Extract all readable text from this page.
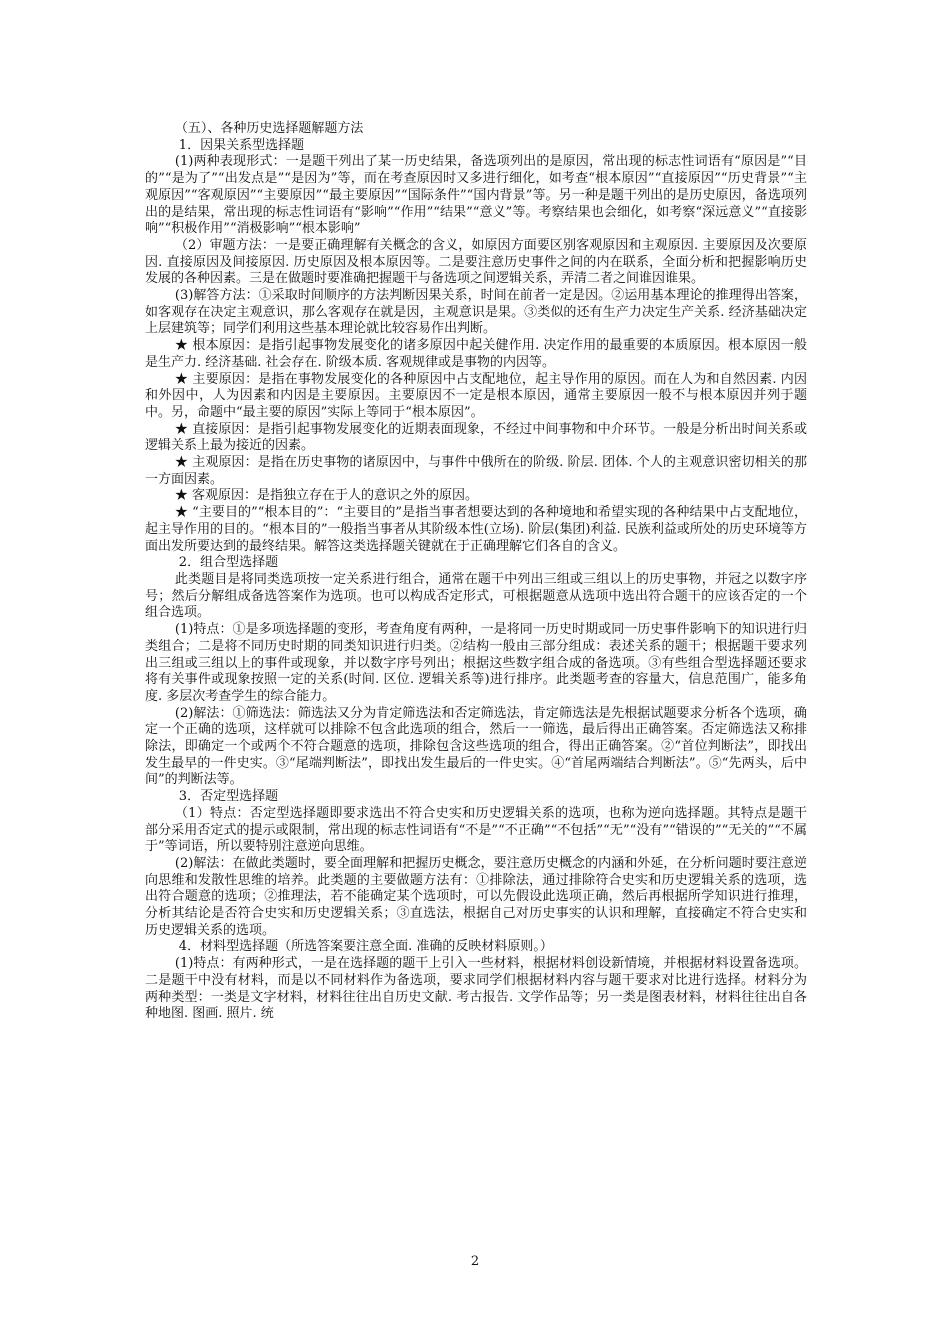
（五）、各种历史选择题解题方法

1．因果关系型选择题

(1)两种表现形式：一是题干列出了某一历史结果，备选项列出的是原因，常出现的标志性词语有“原因是”“目的”“是为了”“出发点是”“是因为”等，而在考查原因时又多进行细化，如考查“根本原因”“直接原因”“历史背景”“主观原因”“客观原因”“主要原因”“最主要原因”“国际条件”“国内背景”等。另一种是题干列出的是历史原因，备选项列出的是结果，常出现的标志性词语有“影响”“作用”“结果”“意义”等。考察结果也会细化，如考察“深远意义”“直接影响”“积极作用”“消极影响”“根本影响”

（2）审题方法：一是要正确理解有关概念的含义，如原因方面要区别客观原因和主观原因. 主要原因及次要原因. 直接原因及间接原因. 历史原因及根本原因等。二是要注意历史事件之间的内在联系，全面分析和把握影响历史发展的各种因素。三是在做题时要准确把握题干与备选项之间逻辑关系，弄清二者之间谁因谁果。

(3)解答方法：①采取时间顺序的方法判断因果关系，时间在前者一定是因。②运用基本理论的推理得出答案，如客观存在决定主观意识，那么客观存在就是因，主观意识是果。③类似的还有生产力决定生产关系. 经济基础决定上层建筑等；同学们利用这些基本理论就比较容易作出判断。

★ 根本原因：是指引起事物发展变化的诸多原因中起关健作用. 决定作用的最重要的本质原因。根本原因一般是生产力. 经济基础. 社会存在. 阶级本质. 客观规律或是事物的内因等。

★ 主要原因：是指在事物发展变化的各种原因中占支配地位，起主导作用的原因。而在人为和自然因素. 内因和外因中，人为因素和内因是主要原因。主要原因不一定是根本原因，通常主要原因一般不与根本原因并列于题中。另，命题中“最主要的原因”实际上等同于“根本原因”。

★ 直接原因：是指引起事物发展变化的近期表面现象，不经过中间事物和中介环节。一般是分析出时间关系或逻辑关系上最为接近的因素。

★ 主观原因：是指在历史事物的诸原因中，与事件中俄所在的阶级. 阶层. 团体. 个人的主观意识密切相关的那一方面因素。

★ 客观原因：是指独立存在于人的意识之外的原因。

★ “主要目的”“根本目的”：“主要目的”是指当事者想要达到的各种境地和希望实现的各种结果中占支配地位，起主导作用的目的。“根本目的”一般指当事者从其阶级本性(立场). 阶层(集团)利益. 民族利益或所处的历史环境等方面出发所要达到的最终结果。解答这类选择题关键就在于正确理解它们各自的含义。

2．组合型选择题

此类题目是将同类选项按一定关系进行组合，通常在题干中列出三组或三组以上的历史事物，并冠之以数字序号；然后分解组成备选答案作为选项。也可以构成否定形式，可根据题意从选项中选出符合题干的应该否定的一个组合选项。

(1)特点：①是多项选择题的变形，考查角度有两种，一是将同一历史时期或同一历史事件影响下的知识进行归类组合；二是将不同历史时期的同类知识进行归类。②结构一般由三部分组成：表述关系的题干；根据题干要求列出三组或三组以上的事件或现象，并以数字序号列出；根据这些数字组合成的备选项。③有些组合型选择题还要求将有关事件或现象按照一定的关系(时间. 区位. 逻辑关系等)进行排序。此类题考查的容量大，信息范围广，能多角度. 多层次考查学生的综合能力。

(2)解法：①筛选法：筛选法又分为肯定筛选法和否定筛选法，肯定筛选法是先根据试题要求分析各个选项，确定一个正确的选项，这样就可以排除不包含此选项的组合，然后一一筛选，最后得出正确答案。否定筛选法又称排除法，即确定一个或两个不符合题意的选项，排除包含这些选项的组合，得出正确答案。②“首位判断法”，即找出发生最早的一件史实。③“尾端判断法”，即找出发生最后的一件史实。④“首尾两端结合判断法”。⑤“先两头，后中间”的判断法等。

3．否定型选择题

（1）特点：否定型选择题即要求选出不符合史实和历史逻辑关系的选项，也称为逆向选择题。其特点是题干部分采用否定式的提示或限制，常出现的标志性词语有“不是”“不正确”“不包括”“无”“没有”“错误的”“无关的”“不属于”等词语，所以要特别注意逆向思维。

(2)解法：在做此类题时，要全面理解和把握历史概念，要注意历史概念的内涵和外延，在分析问题时要注意逆向思维和发散性思维的培养。此类题的主要做题方法有：①排除法，通过排除符合史实和历史逻辑关系的选项，选出符合题意的选项；②推理法，若不能确定某个选项时，可以先假设此选项正确，然后再根据所学知识进行推理，分析其结论是否符合史实和历史逻辑关系；③直选法，根据自己对历史事实的认识和理解，直接确定不符合史实和历史逻辑关系的选项。

4．材料型选择题（所选答案要注意全面. 准确的反映材料原则。）

(1)特点：有两种形式，一是在选择题的题干上引入一些材料，根据材料创设新情境，并根据材料设置备选项。二是题干中没有材料，而是以不同材料作为备选项，要求同学们根据材料内容与题干要求对比进行选择。材料分为两种类型：一类是文字材料，材料往往出自历史文献. 考古报告. 文学作品等；另一类是图表材料，材料往往出自各种地图. 图画. 照片. 统

2
